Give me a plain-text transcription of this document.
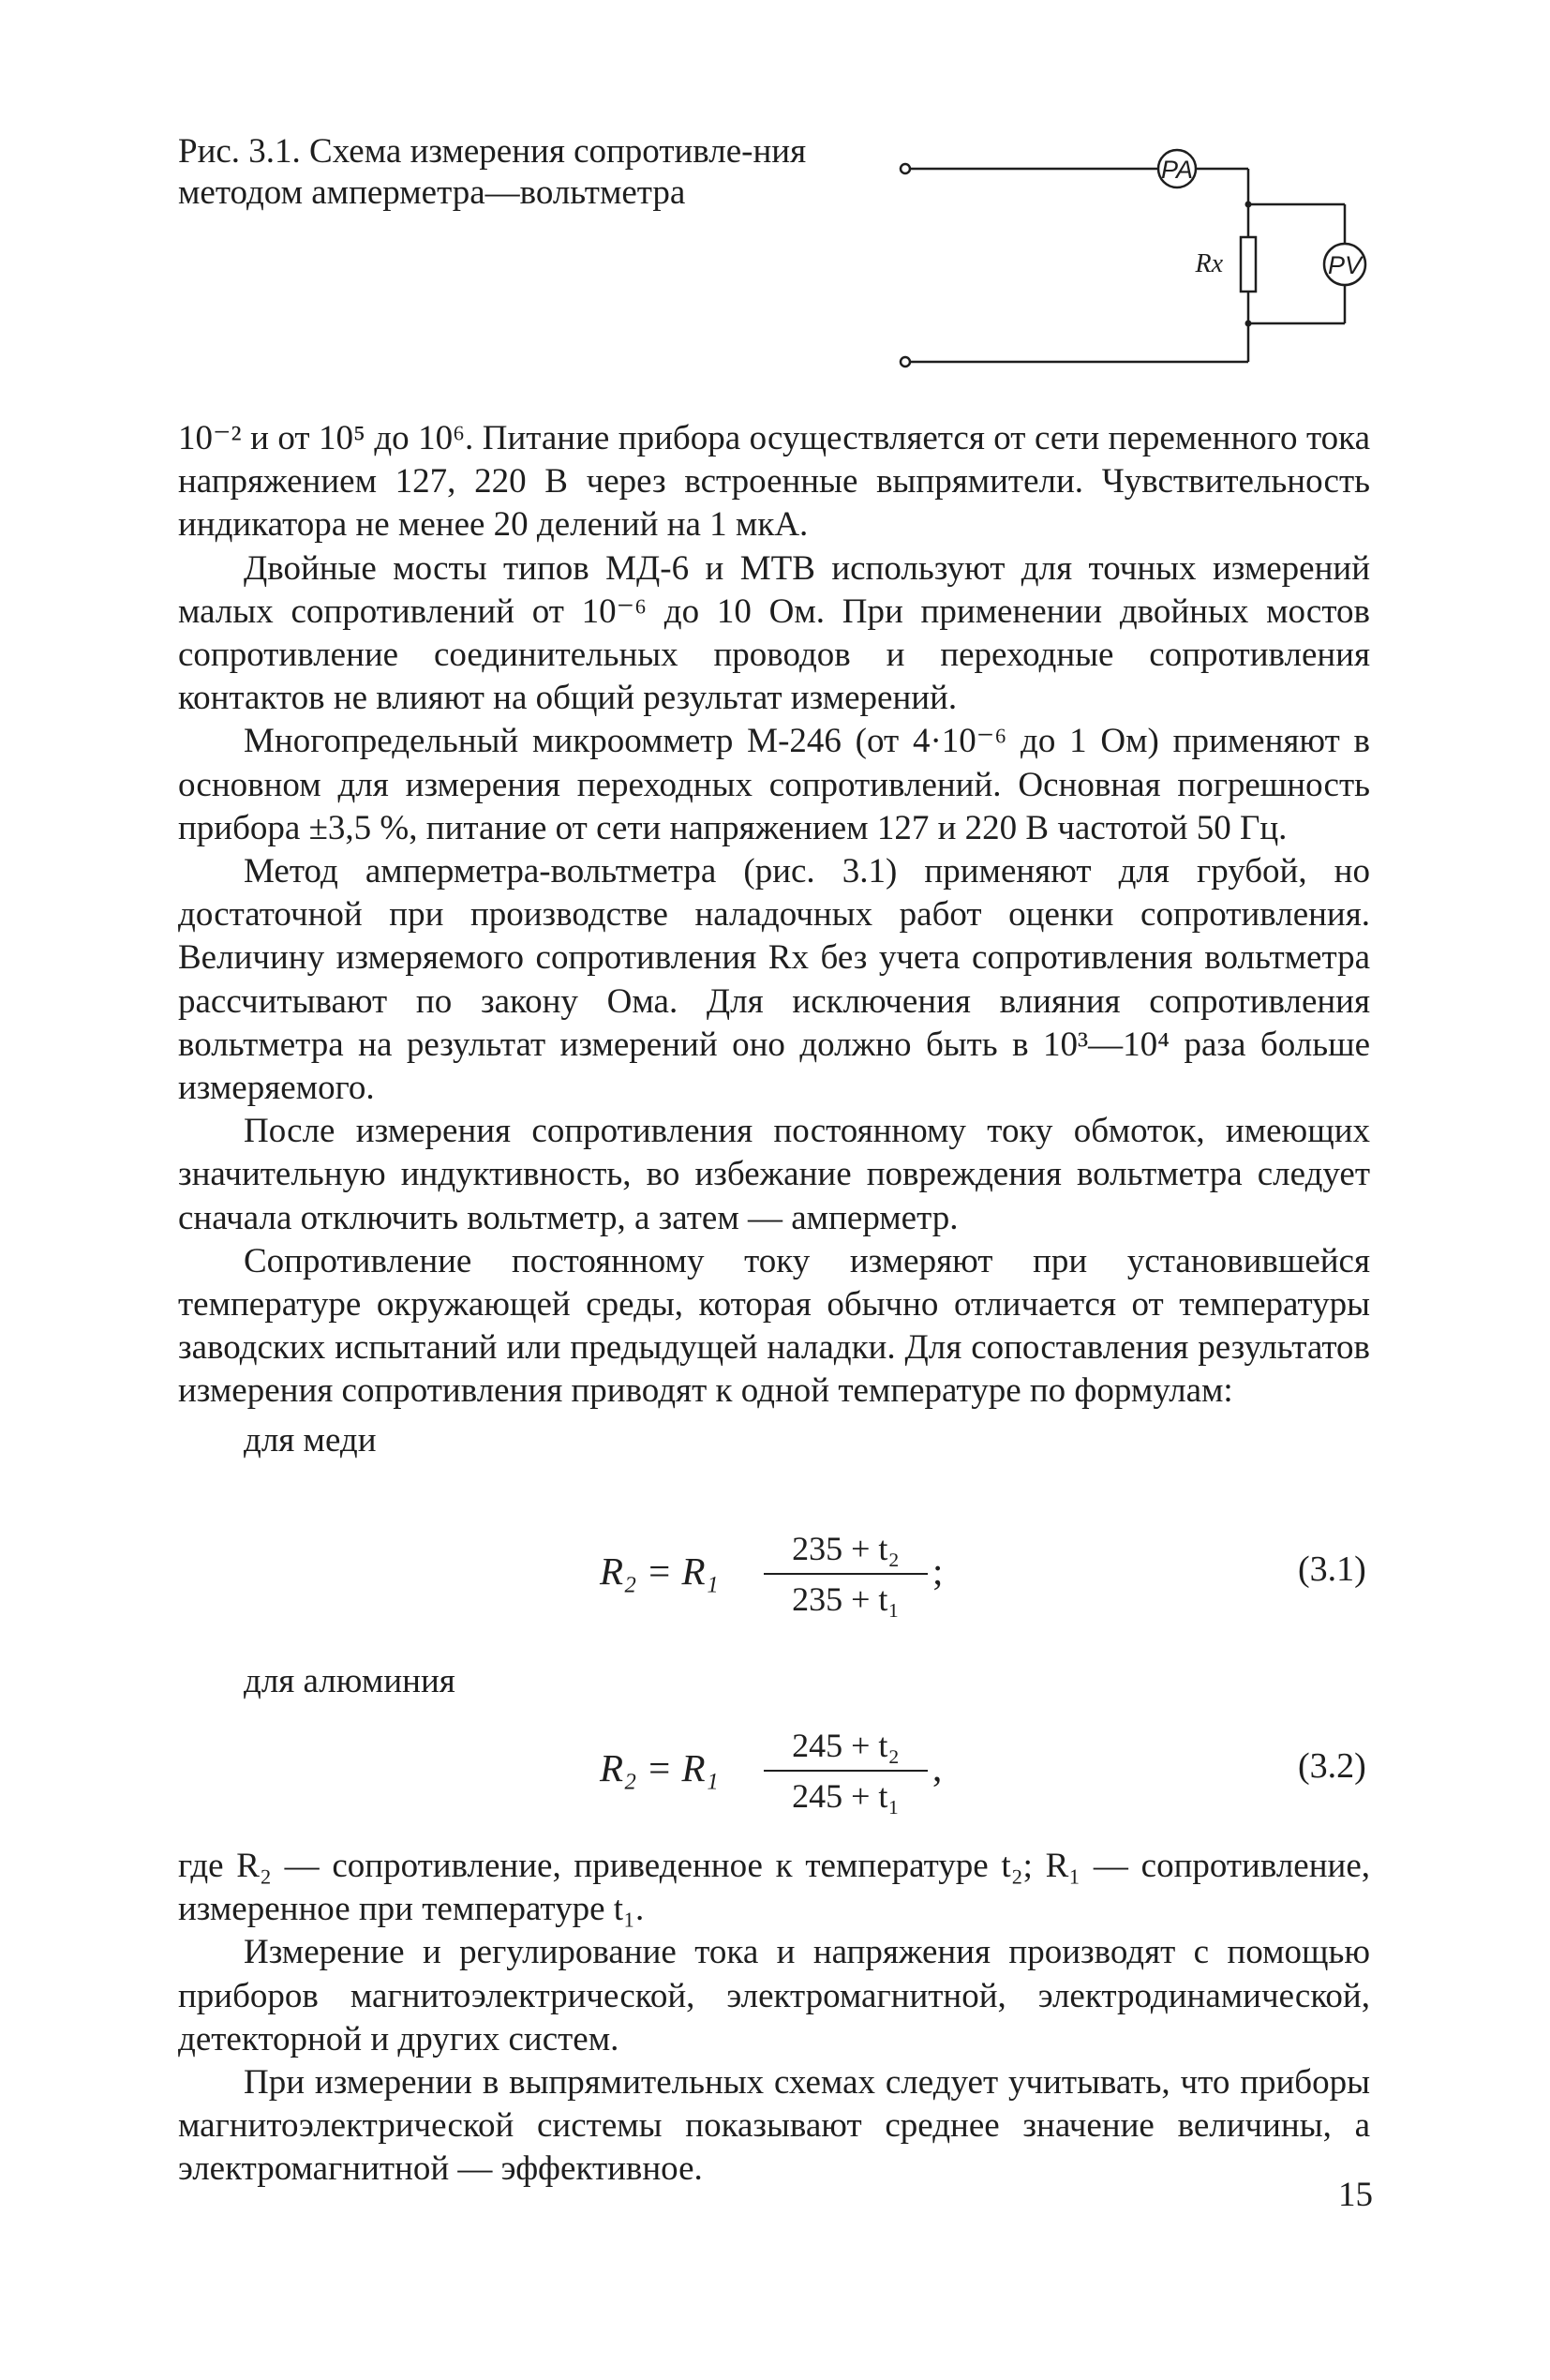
Рис. 3.1. Схема измерения сопротивле-ния методом амперметра—вольтметра
PA
PV
Rx

10⁻² и от 10⁵ до 10⁶. Питание прибора осуществляется от сети переменного тока напряжением 127, 220 В через встроенные выпрямители. Чувствительность индикатора не менее 20 делений на 1 мкА.

Двойные мосты типов МД-6 и МТВ используют для точных измерений малых сопротивлений от 10⁻⁶ до 10 Ом. При применении двойных мостов сопротивление соединительных проводов и переходные сопротивления контактов не влияют на общий результат измерений.

Многопредельный микроомметр М-246 (от 4·10⁻⁶ до 1 Ом) применяют в основном для измерения переходных сопротивлений. Основная погрешность прибора ±3,5 %, питание от сети напряжением 127 и 220 В частотой 50 Гц.

Метод амперметра-вольтметра (рис. 3.1) применяют для грубой, но достаточной при производстве наладочных работ оценки сопротивления. Величину измеряемого сопротивления Rx без учета сопротивления вольтметра рассчитывают по закону Ома. Для исключения влияния сопротивления вольтметра на результат измерений оно должно быть в 10³—10⁴ раза больше измеряемого.

После измерения сопротивления постоянному току обмоток, имеющих значительную индуктивность, во избежание повреждения вольтметра следует сначала отключить вольтметр, а затем — амперметр.

Сопротивление постоянному току измеряют при установившейся температуре окружающей среды, которая обычно отличается от температуры заводских испытаний или предыдущей наладки. Для сопоставления результатов измерения сопротивления приводят к одной температуре по формулам:

для меди

R₂ = R₁
235 + t₂
235 + t₁
;	(3.1)

для алюминия

R₂ = R₁
245 + t₂
245 + t₁
,	(3.2)

где R₂ — сопротивление, приведенное к температуре t₂; R₁ — сопротивление, измеренное при температуре t₁.

Измерение и регулирование тока и напряжения производят с помощью приборов магнитоэлектрической, электромагнитной, электродинамической, детекторной и других систем.

При измерении в выпрямительных схемах следует учитывать, что приборы магнитоэлектрической системы показывают среднее значение величины, а электромагнитной — эффективное.

15
